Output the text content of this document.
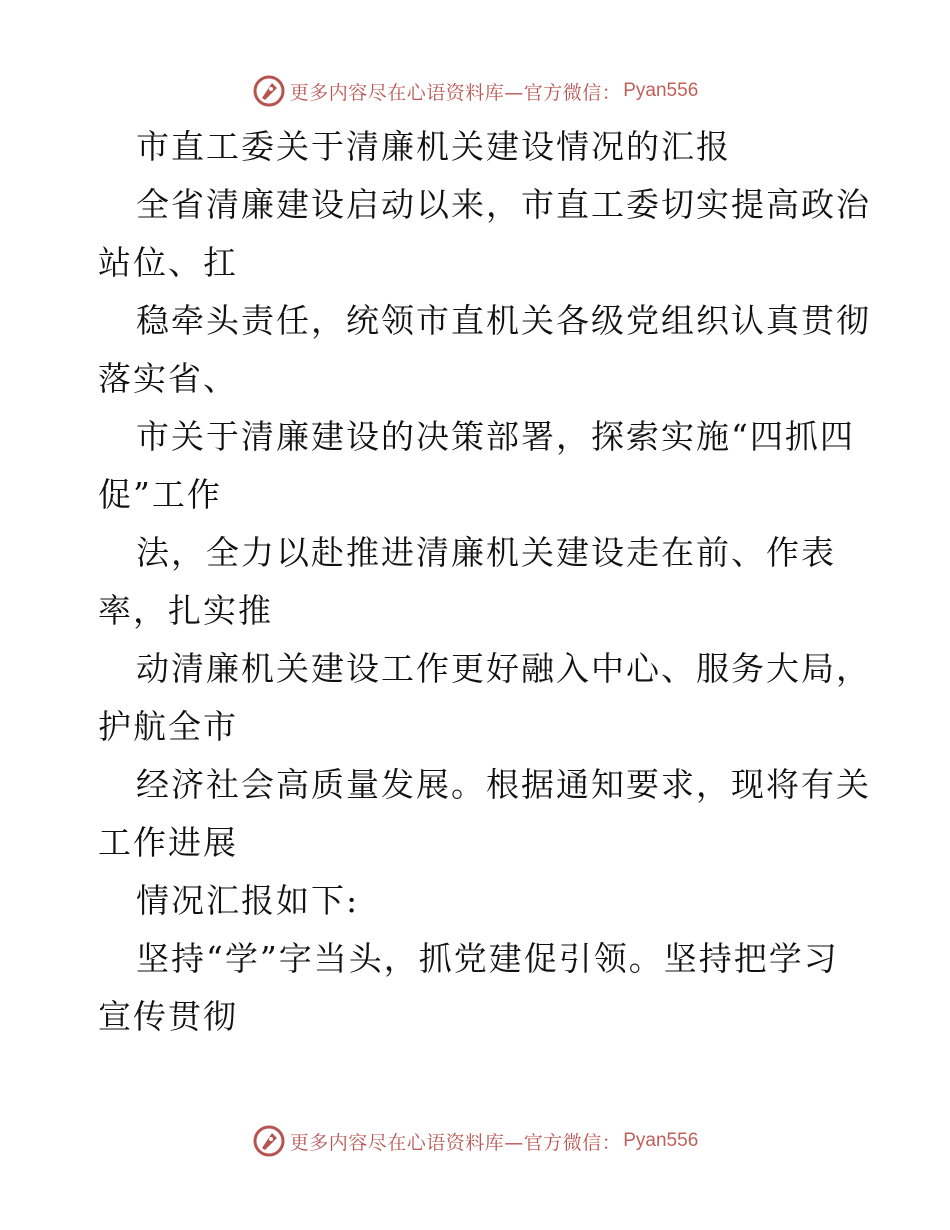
更多内容尽在心语资料库—官方微信： Pyan556
市直工委关于清廉机关建设情况的汇报
全省清廉建设启动以来，市直工委切实提高政治
站位、扛
稳牵头责任，统领市直机关各级党组织认真贯彻
落实省、
市关于清廉建设的决策部署，探索实施“四抓四
促”工作
法，全力以赴推进清廉机关建设走在前、作表
率，扎实推
动清廉机关建设工作更好融入中心、服务大局，
护航全市
经济社会高质量发展。根据通知要求，现将有关
工作进展
情况汇报如下:
坚持“学”字当头，抓党建促引领。坚持把学习
宣传贯彻
更多内容尽在心语资料库—官方微信： Pyan556
